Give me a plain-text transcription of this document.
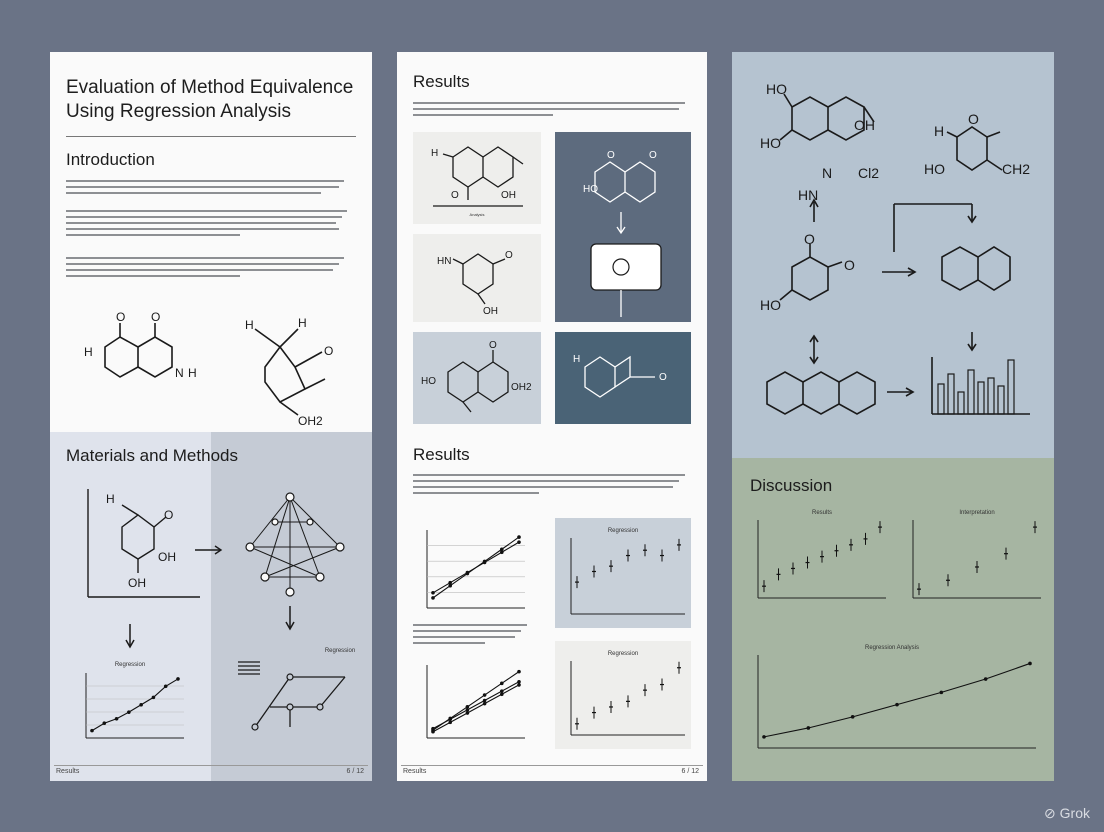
Evaluation of Method Equivalence Using Regression Analysis
Introduction
H
O O
N H
H	H
O
OH2
Materials and Methods
H
O
OH
OH
Regression
Regression
Results	6 / 12
Results
H
O	OH
Analysis
HO
O	O
HN
O
OH
HO
OH2
O
H
O
Results
Regression
Regression
Results	6 / 12
HO
OH
HO
N Cl2
HN
H
O
HO	CH2
O
O
HO
Discussion
Results	Interpretation
Regression Analysis
⊘ Grok
